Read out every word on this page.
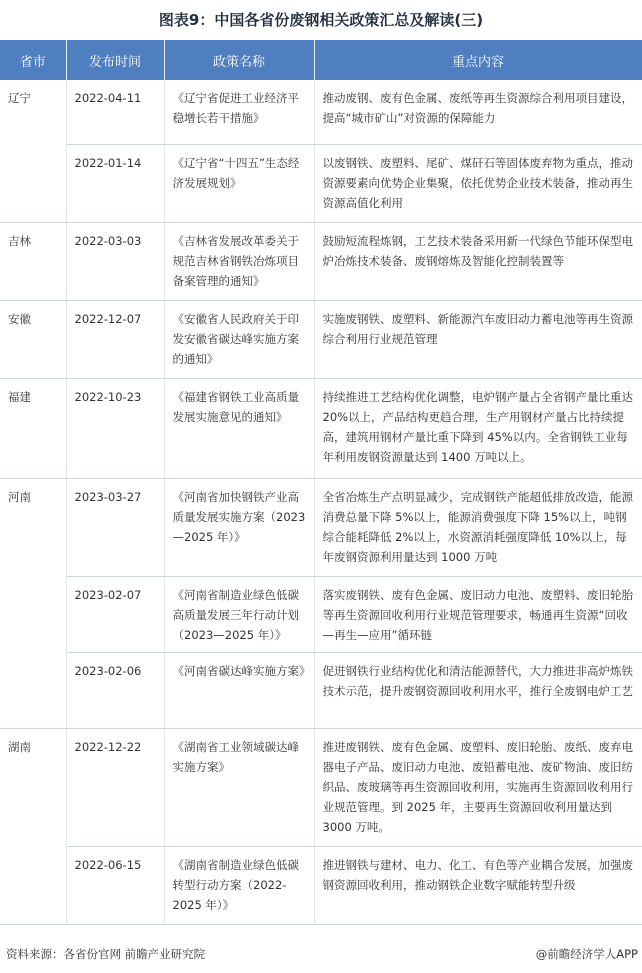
图表9：中国各省份废钢相关政策汇总及解读(三)
省市	发布时间	政策名称	重点内容
辽宁	2022-04-11	《辽宁省促进工业经济平稳增长若干措施》	推动废钢、废有色金属、废纸等再生资源综合利用项目建设，提高“城市矿山”对资源的保障能力
	2022-01-14	《辽宁省“十四五”生态经济发展规划》	以废钢铁、废塑料、尾矿、煤矸石等固体废弃物为重点，推动资源要素向优势企业集聚，依托优势企业技术装备，推动再生资源高值化利用
吉林	2022-03-03	《吉林省发展改革委关于规范吉林省钢铁冶炼项目备案管理的通知》	鼓励短流程炼钢，工艺技术装备采用新一代绿色节能环保型电炉冶炼技术装备、废钢熔炼及智能化控制装置等
安徽	2022-12-07	《安徽省人民政府关于印发安徽省碳达峰实施方案的通知》	实施废钢铁、废塑料、新能源汽车废旧动力蓄电池等再生资源综合利用行业规范管理
福建	2022-10-23	《福建省钢铁工业高质量发展实施意见的通知》	持续推进工艺结构优化调整，电炉钢产量占全省钢产量比重达 20%以上，产品结构更趋合理，生产用钢材产量占比持续提高，建筑用钢材产量比重下降到 45%以内。全省钢铁工业每年利用废钢资源量达到 1400 万吨以上。
河南	2023-03-27	《河南省加快钢铁产业高质量发展实施方案（2023—2025 年）》	全省冶炼生产点明显减少，完成钢铁产能超低排放改造，能源消费总量下降 5%以上，能源消费强度下降 15%以上，吨钢综合能耗降低 2%以上，水资源消耗强度降低 10%以上，每年废钢资源利用量达到 1000 万吨
	2023-02-07	《河南省制造业绿色低碳高质量发展三年行动计划（2023—2025 年）》	落实废钢铁、废有色金属、废旧动力电池、废塑料、废旧轮胎等再生资源回收利用行业规范管理要求，畅通再生资源“回收—再生—应用”循环链
	2023-02-06	《河南省碳达峰实施方案》	促进钢铁行业结构优化和清洁能源替代，大力推进非高炉炼铁技术示范，提升废钢资源回收利用水平，推行全废钢电炉工艺
湖南	2022-12-22	《湖南省工业领域碳达峰实施方案》	推进废钢铁、废有色金属、废塑料、废旧轮胎、废纸、废弃电器电子产品、废旧动力电池、废铅蓄电池、废矿物油、废旧纺织品、废玻璃等再生资源回收利用，实施再生资源回收利用行业规范管理。到 2025 年，主要再生资源回收利用量达到 3000 万吨。
	2022-06-15	《湖南省制造业绿色低碳转型行动方案（2022-2025 年）》	推进钢铁与建材、电力、化工、有色等产业耦合发展，加强废钢资源回收利用，推动钢铁企业数字赋能转型升级
资料来源：各省份官网 前瞻产业研究院	@前瞻经济学人APP
